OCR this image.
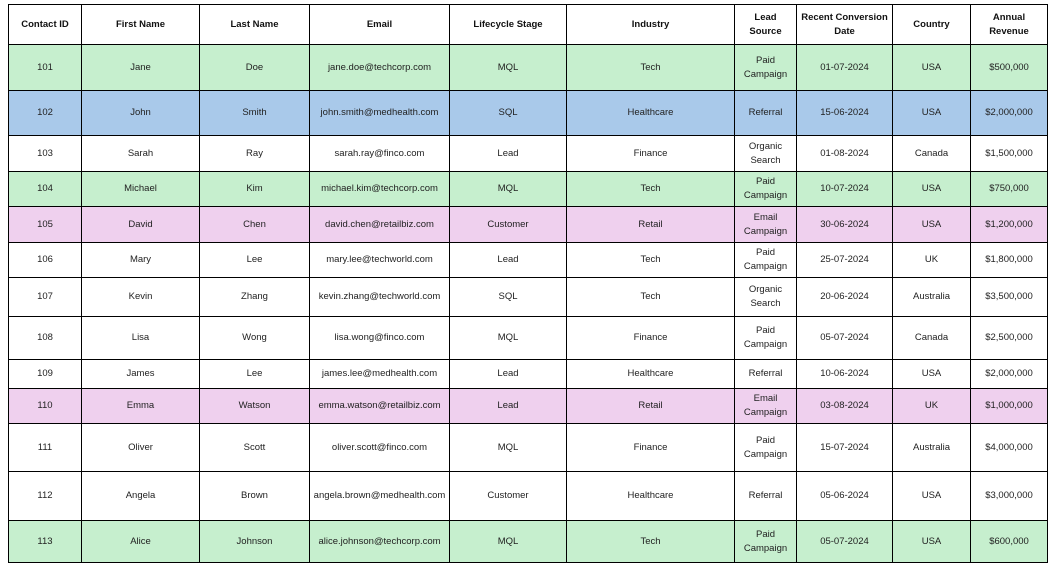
Contact ID	First Name	Last Name	Email	Lifecycle Stage	Industry	Lead Source	Recent Conversion Date	Country	Annual Revenue
101	Jane	Doe	jane.doe@techcorp.com	MQL	Tech	Paid Campaign	01-07-2024	USA	$500,000
102	John	Smith	john.smith@medhealth.com	SQL	Healthcare	Referral	15-06-2024	USA	$2,000,000
103	Sarah	Ray	sarah.ray@finco.com	Lead	Finance	Organic Search	01-08-2024	Canada	$1,500,000
104	Michael	Kim	michael.kim@techcorp.com	MQL	Tech	Paid Campaign	10-07-2024	USA	$750,000
105	David	Chen	david.chen@retailbiz.com	Customer	Retail	Email Campaign	30-06-2024	USA	$1,200,000
106	Mary	Lee	mary.lee@techworld.com	Lead	Tech	Paid Campaign	25-07-2024	UK	$1,800,000
107	Kevin	Zhang	kevin.zhang@techworld.com	SQL	Tech	Organic Search	20-06-2024	Australia	$3,500,000
108	Lisa	Wong	lisa.wong@finco.com	MQL	Finance	Paid Campaign	05-07-2024	Canada	$2,500,000
109	James	Lee	james.lee@medhealth.com	Lead	Healthcare	Referral	10-06-2024	USA	$2,000,000
110	Emma	Watson	emma.watson@retailbiz.com	Lead	Retail	Email Campaign	03-08-2024	UK	$1,000,000
111	Oliver	Scott	oliver.scott@finco.com	MQL	Finance	Paid Campaign	15-07-2024	Australia	$4,000,000
112	Angela	Brown	angela.brown@medhealth.com	Customer	Healthcare	Referral	05-06-2024	USA	$3,000,000
113	Alice	Johnson	alice.johnson@techcorp.com	MQL	Tech	Paid Campaign	05-07-2024	USA	$600,000
